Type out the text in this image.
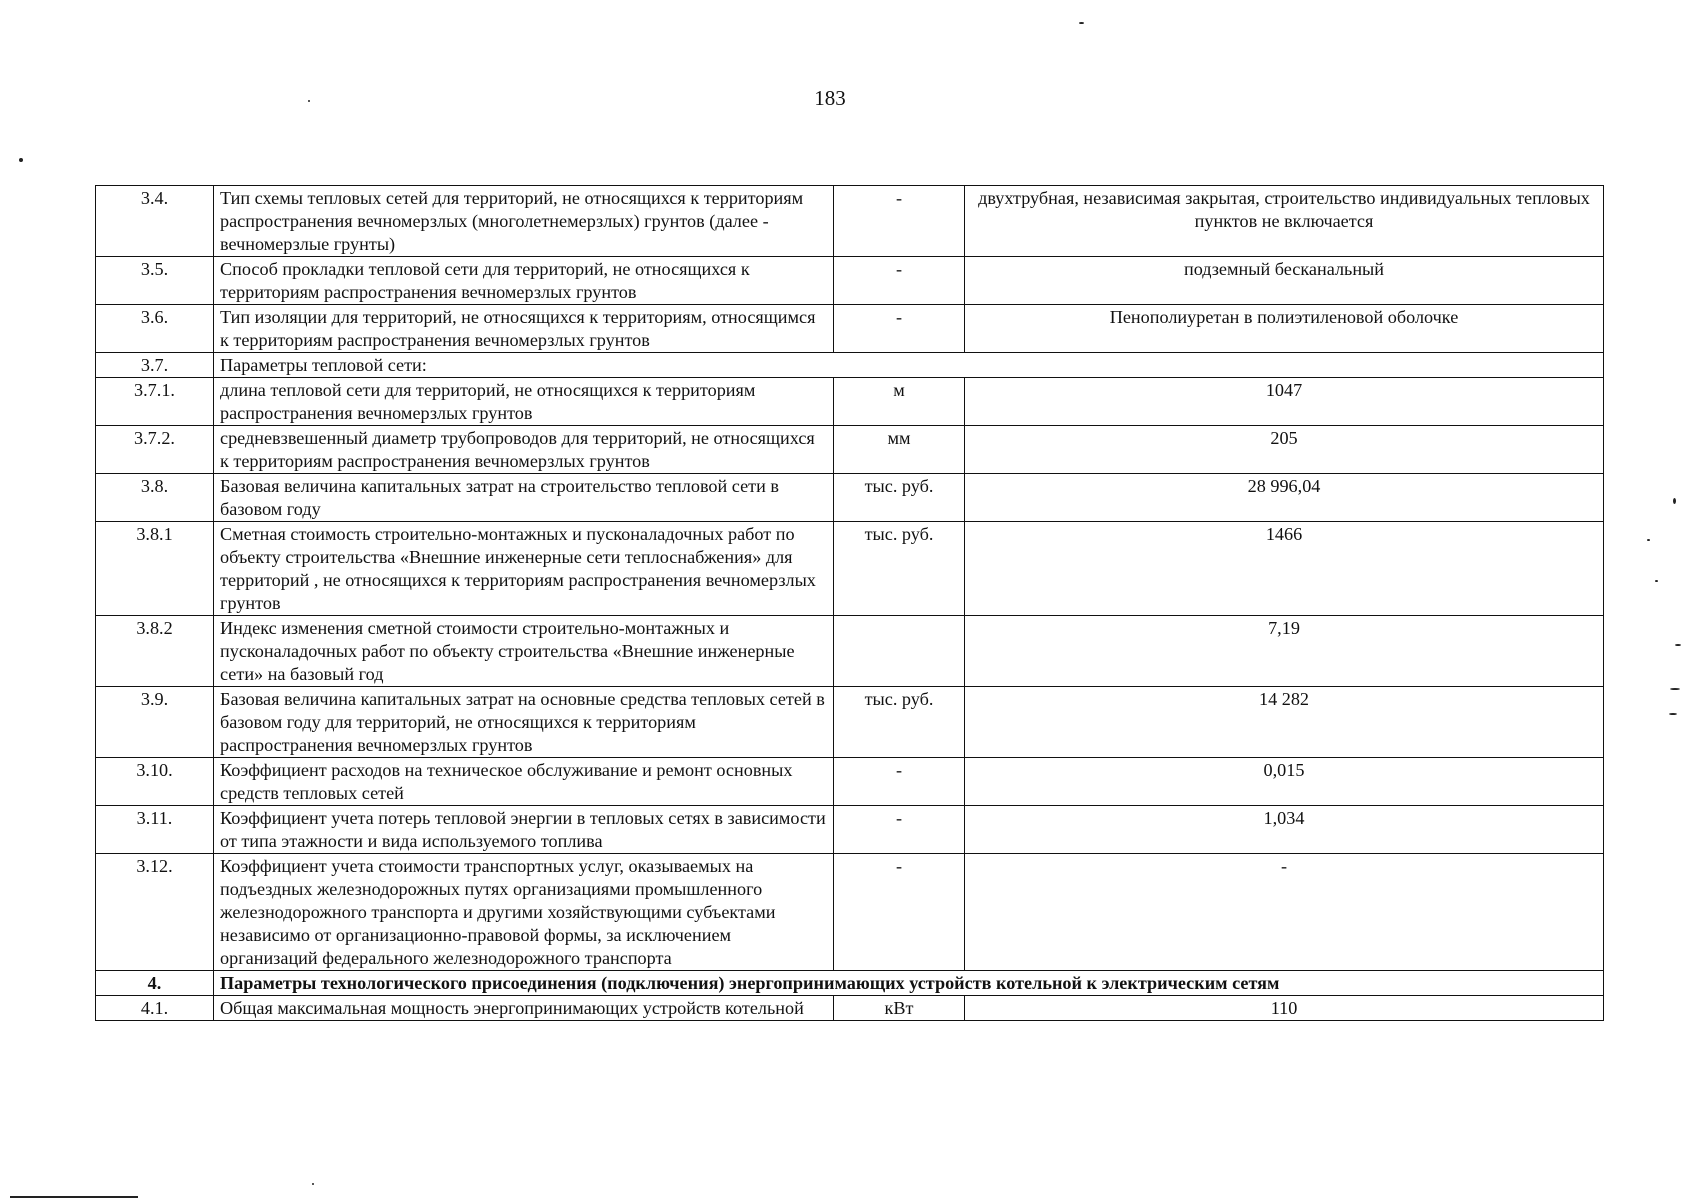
183
3.4.	Тип схемы тепловых сетей для территорий, не относящихся к территориям распространения вечномерзлых (многолетнемерзлых) грунтов (далее - вечномерзлые грунты)	-	двухтрубная, независимая закрытая, строительство индивидуальных тепловых пунктов не включается
3.5.	Способ прокладки тепловой сети для территорий, не относящихся к территориям распространения вечномерзлых грунтов	-	подземный бесканальный
3.6.	Тип изоляции для территорий, не относящихся к территориям, относящимся к территориям распространения вечномерзлых грунтов	-	Пенополиуретан в полиэтиленовой оболочке
3.7.	Параметры тепловой сети:		
3.7.1.	длина тепловой сети для территорий, не относящихся к территориям распространения вечномерзлых грунтов	м	1047
3.7.2.	средневзвешенный диаметр трубопроводов для территорий, не относящихся к территориям распространения вечномерзлых грунтов	мм	205
3.8.	Базовая величина капитальных затрат на строительство тепловой сети в базовом году	тыс. руб.	28 996,04
3.8.1	Сметная стоимость строительно-монтажных и пусконаладочных работ по объекту строительства «Внешние инженерные сети теплоснабжения» для территорий , не относящихся к территориям распространения вечномерзлых грунтов	тыс. руб.	1466
3.8.2	Индекс изменения сметной стоимости строительно-монтажных и пусконаладочных работ по объекту строительства «Внешние инженерные сети» на базовый год		7,19
3.9.	Базовая величина капитальных затрат на основные средства тепловых сетей в базовом году для территорий, не относящихся к территориям распространения вечномерзлых грунтов	тыс. руб.	14 282
3.10.	Коэффициент расходов на техническое обслуживание и ремонт основных средств тепловых сетей	-	0,015
3.11.	Коэффициент учета потерь тепловой энергии в тепловых сетях в зависимости от типа этажности и вида используемого топлива	-	1,034
3.12.	Коэффициент учета стоимости транспортных услуг, оказываемых на подъездных железнодорожных путях организациями промышленного железнодорожного транспорта и другими хозяйствующими субъектами независимо от организационно-правовой формы, за исключением организаций федерального железнодорожного транспорта	-	-
4.	Параметры технологического присоединения (подключения) энергопринимающих устройств котельной к электрическим сетям		
4.1.	Общая максимальная мощность энергопринимающих устройств котельной	кВт	110
